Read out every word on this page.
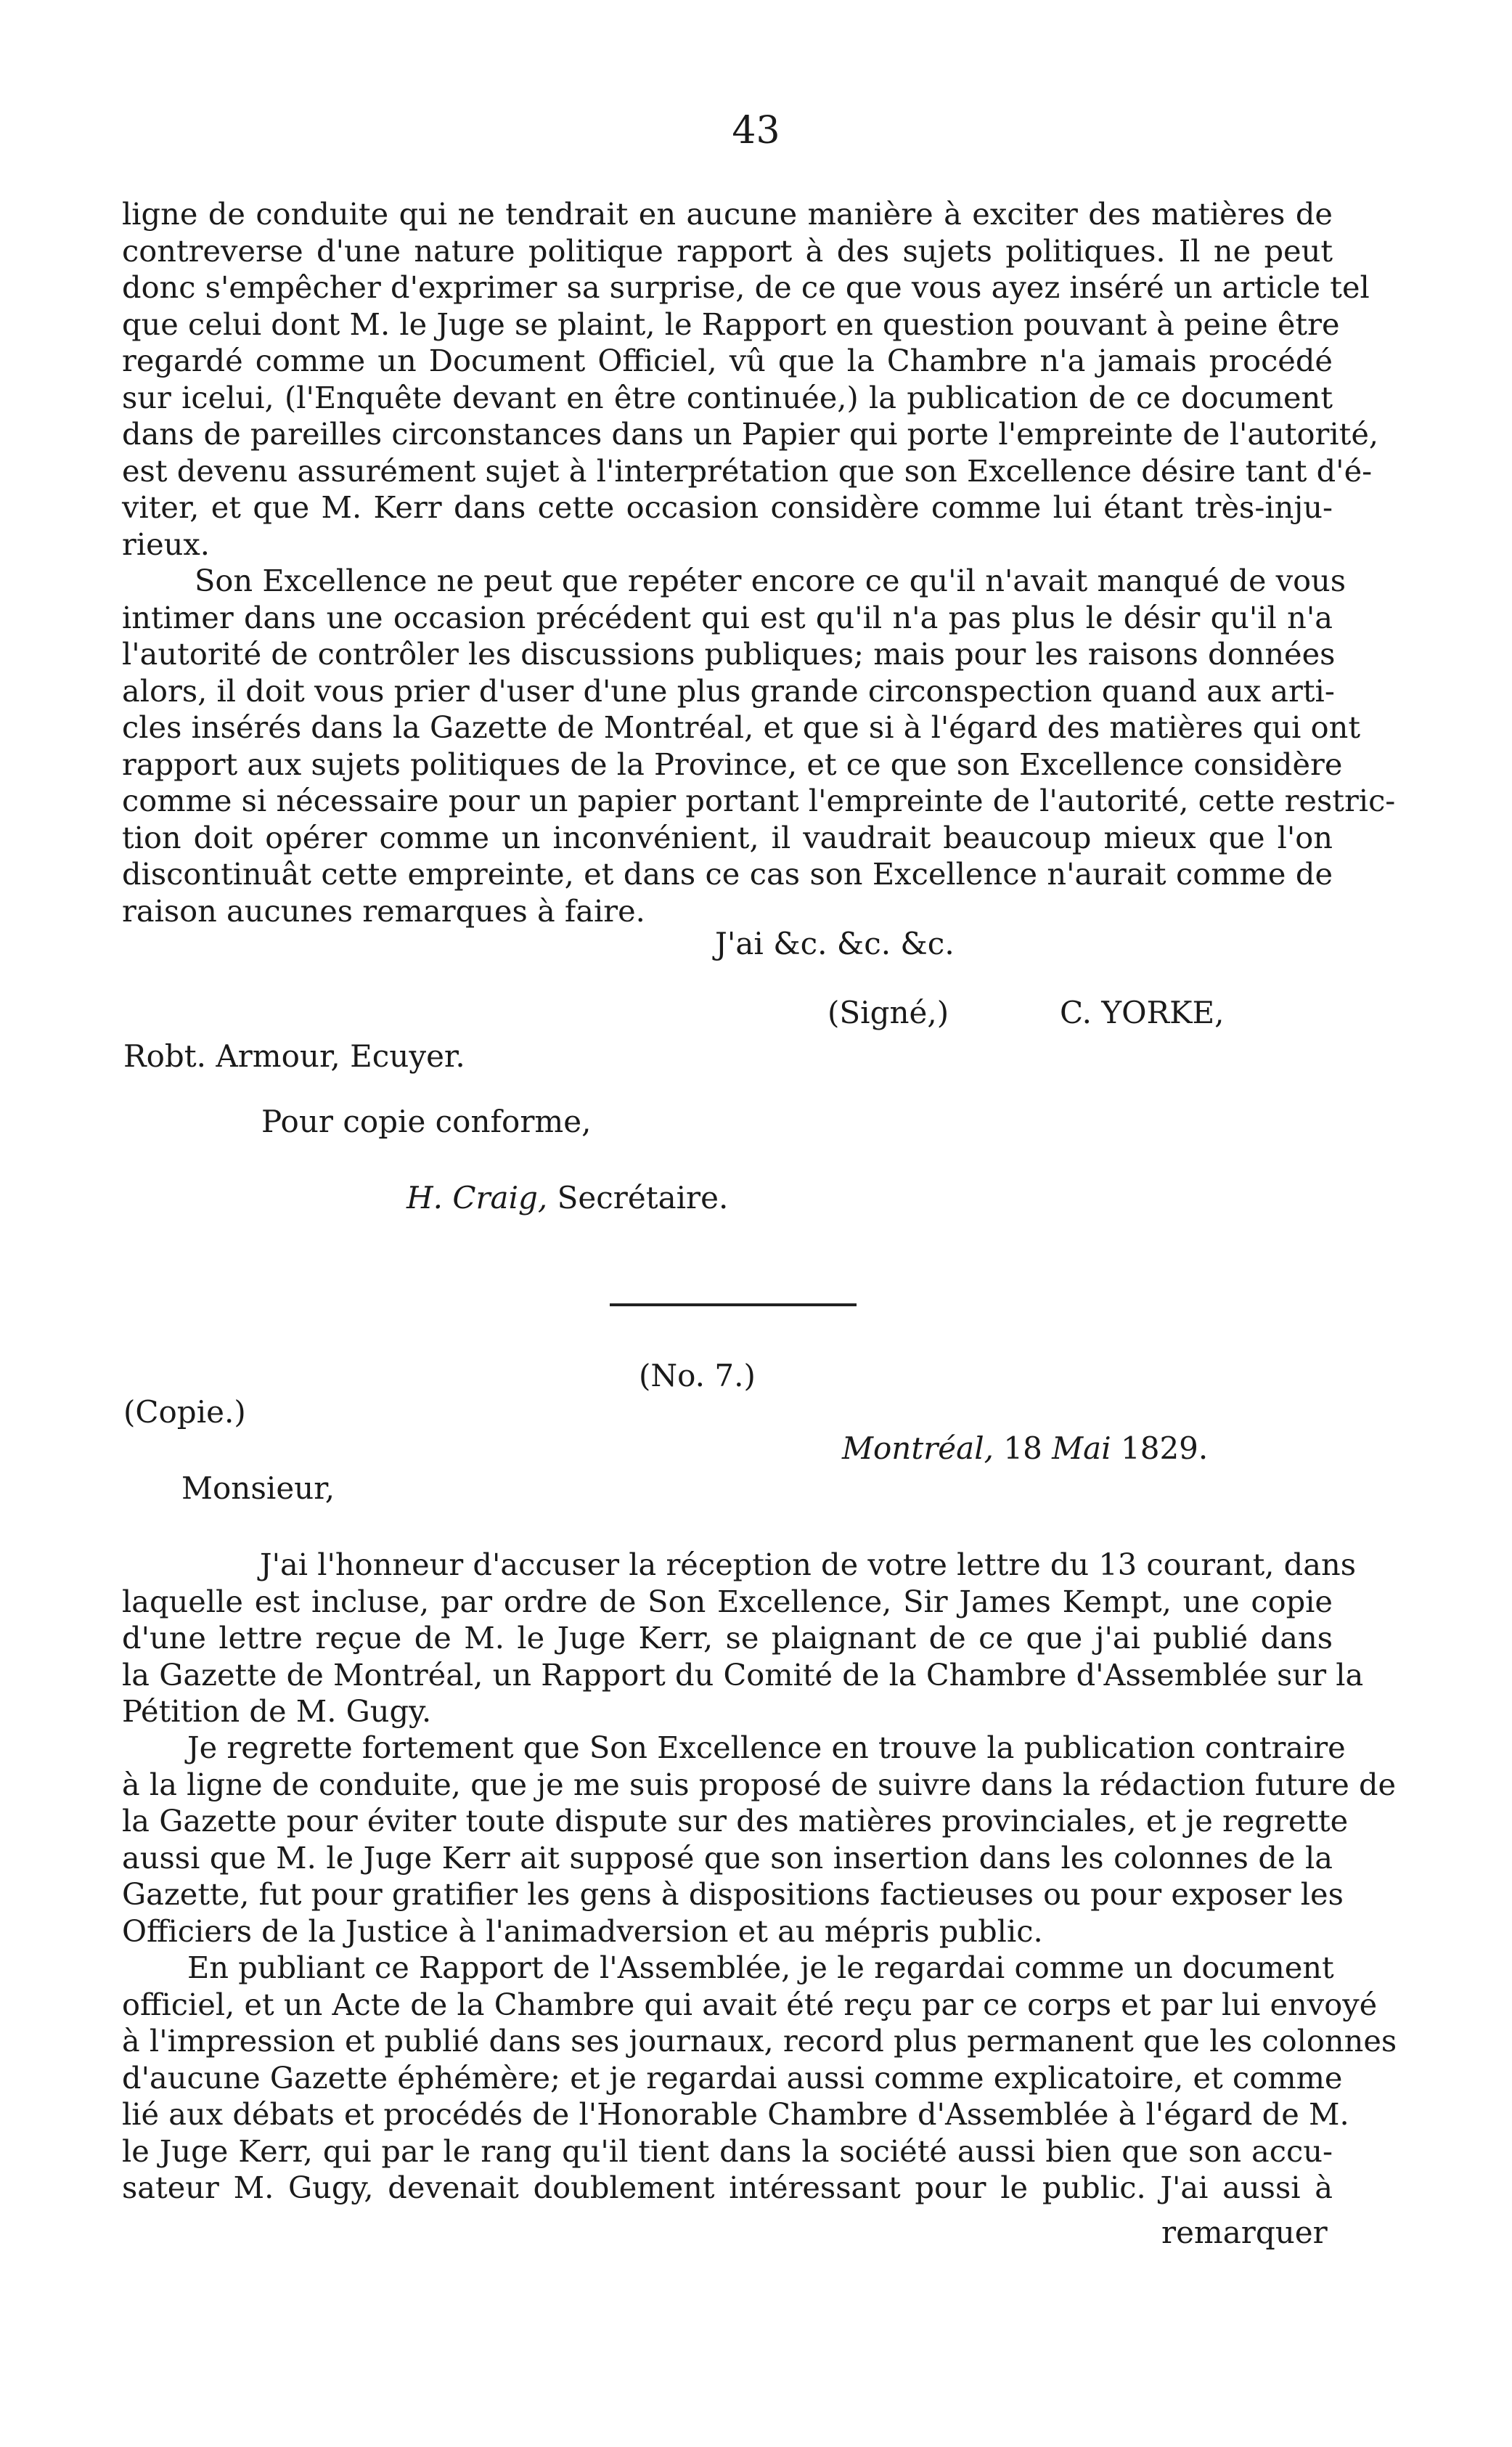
43
ligne de conduite qui ne tendrait en aucune manière à exciter des matières de
contreverse d'une nature politique rapport à des sujets politiques. Il ne peut
donc s'empêcher d'exprimer sa surprise, de ce que vous ayez inséré un article tel
que celui dont M. le Juge se plaint, le Rapport en question pouvant à peine être
regardé comme un Document Officiel, vû que la Chambre n'a jamais procédé
sur icelui, (l'Enquête devant en être continuée,) la publication de ce document
dans de pareilles circonstances dans un Papier qui porte l'empreinte de l'autorité,
est devenu assurément sujet à l'interprétation que son Excellence désire tant d'é-
viter, et que M. Kerr dans cette occasion considère comme lui étant très-inju-
rieux.
Son Excellence ne peut que repéter encore ce qu'il n'avait manqué de vous
intimer dans une occasion précédent qui est qu'il n'a pas plus le désir qu'il n'a
l'autorité de contrôler les discussions publiques; mais pour les raisons données
alors, il doit vous prier d'user d'une plus grande circonspection quand aux arti-
cles insérés dans la Gazette de Montréal, et que si à l'égard des matières qui ont
rapport aux sujets politiques de la Province, et ce que son Excellence considère
comme si nécessaire pour un papier portant l'empreinte de l'autorité, cette restric-
tion doit opérer comme un inconvénient, il vaudrait beaucoup mieux que l'on
discontinuât cette empreinte, et dans ce cas son Excellence n'aurait comme de
raison aucunes remarques à faire.
J'ai &c. &c. &c.
(Signé,)	C. YORKE,
Robt. Armour, Ecuyer.
Pour copie conforme,
H. Craig, Secrétaire.
(No. 7.)
(Copie.)
Montréal, 18 Mai 1829.
Monsieur,
J'ai l'honneur d'accuser la réception de votre lettre du 13 courant, dans
laquelle est incluse, par ordre de Son Excellence, Sir James Kempt, une copie
d'une lettre reçue de M. le Juge Kerr, se plaignant de ce que j'ai publié dans
la Gazette de Montréal, un Rapport du Comité de la Chambre d'Assemblée sur la
Pétition de M. Gugy.
Je regrette fortement que Son Excellence en trouve la publication contraire
à la ligne de conduite, que je me suis proposé de suivre dans la rédaction future de
la Gazette pour éviter toute dispute sur des matières provinciales, et je regrette
aussi que M. le Juge Kerr ait supposé que son insertion dans les colonnes de la
Gazette, fut pour gratifier les gens à dispositions factieuses ou pour exposer les
Officiers de la Justice à l'animadversion et au mépris public.
En publiant ce Rapport de l'Assemblée, je le regardai comme un document
officiel, et un Acte de la Chambre qui avait été reçu par ce corps et par lui envoyé
à l'impression et publié dans ses journaux, record plus permanent que les colonnes
d'aucune Gazette éphémère; et je regardai aussi comme explicatoire, et comme
lié aux débats et procédés de l'Honorable Chambre d'Assemblée à l'égard de M.
le Juge Kerr, qui par le rang qu'il tient dans la société aussi bien que son accu-
sateur M. Gugy, devenait doublement intéressant pour le public. J'ai aussi à
remarquer
